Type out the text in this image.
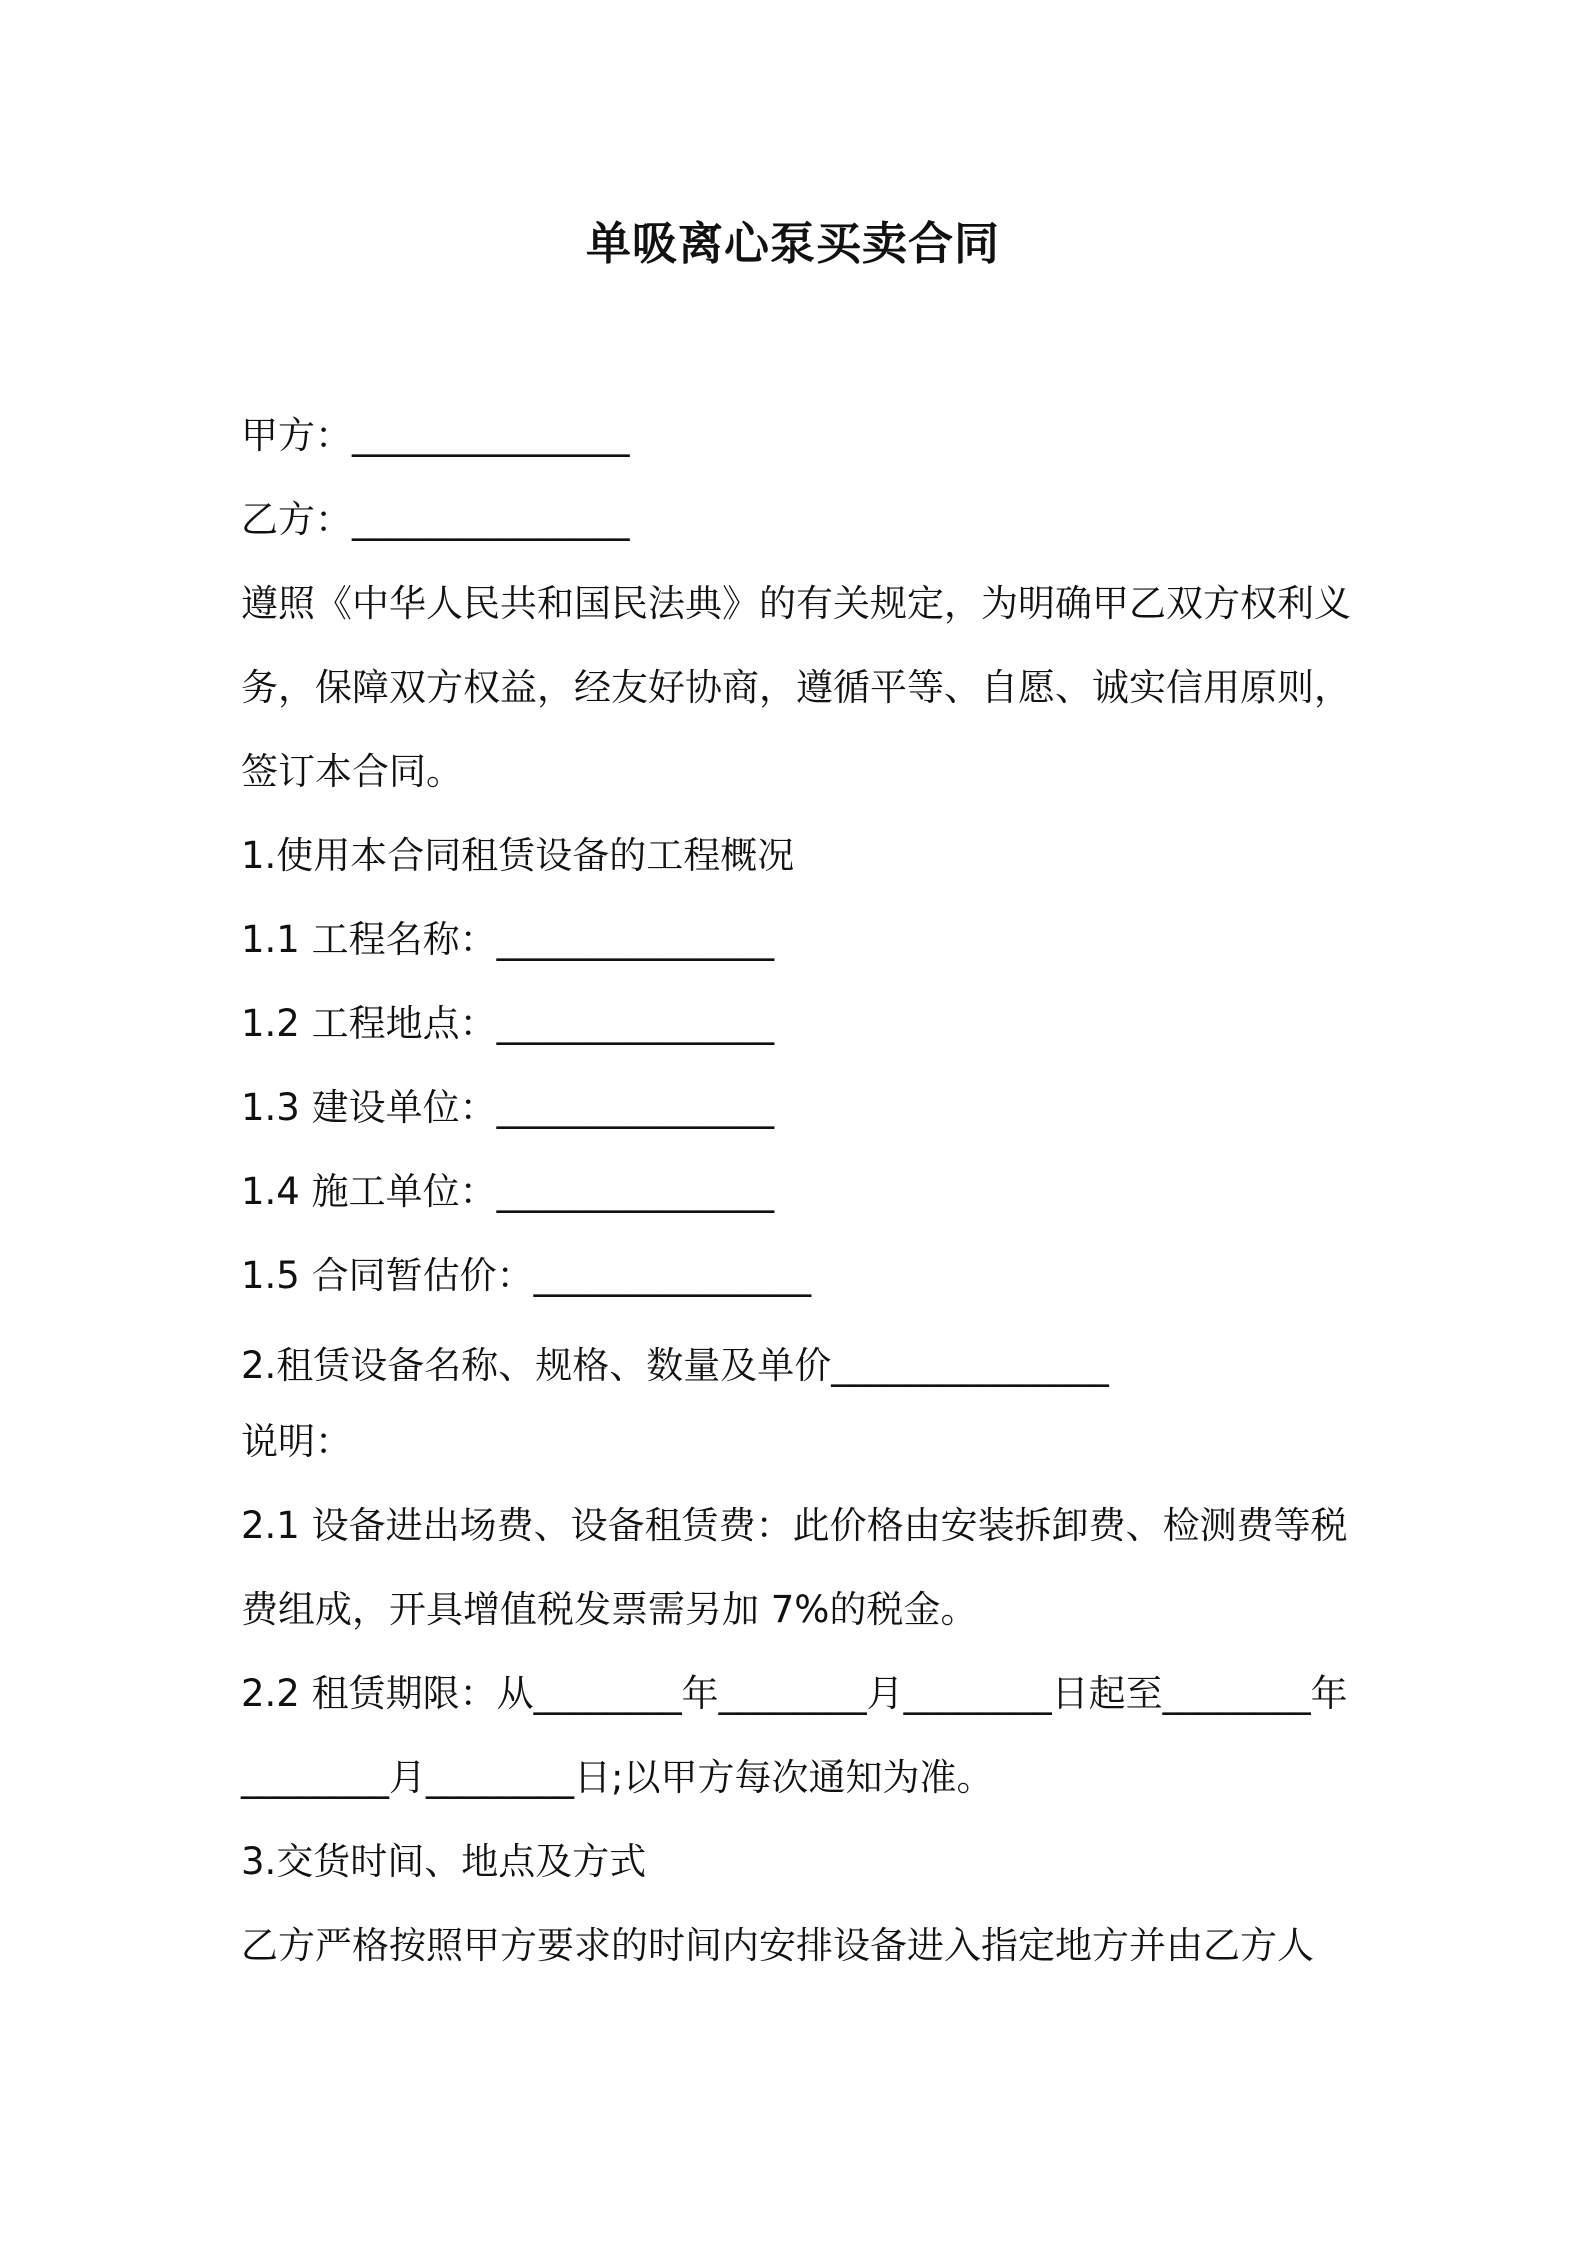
单吸离心泵买卖合同
甲方：_______________
乙方：_______________
遵照《中华人民共和国民法典》的有关规定，为明确甲乙双方权利义
务，保障双方权益，经友好协商，遵循平等、自愿、诚实信用原则，
签订本合同。
1.使用本合同租赁设备的工程概况
1.1 工程名称：_______________
1.2 工程地点：_______________
1.3 建设单位：_______________
1.4 施工单位：_______________
1.5 合同暂估价：_______________
2.租赁设备名称、规格、数量及单价_______________
说明：
2.1 设备进出场费、设备租赁费：此价格由安装拆卸费、检测费等税
费组成，开具增值税发票需另加 7%的税金。
2.2 租赁期限：从________年________月________日起至________年
________月________日;以甲方每次通知为准。
3.交货时间、地点及方式
乙方严格按照甲方要求的时间内安排设备进入指定地方并由乙方人
